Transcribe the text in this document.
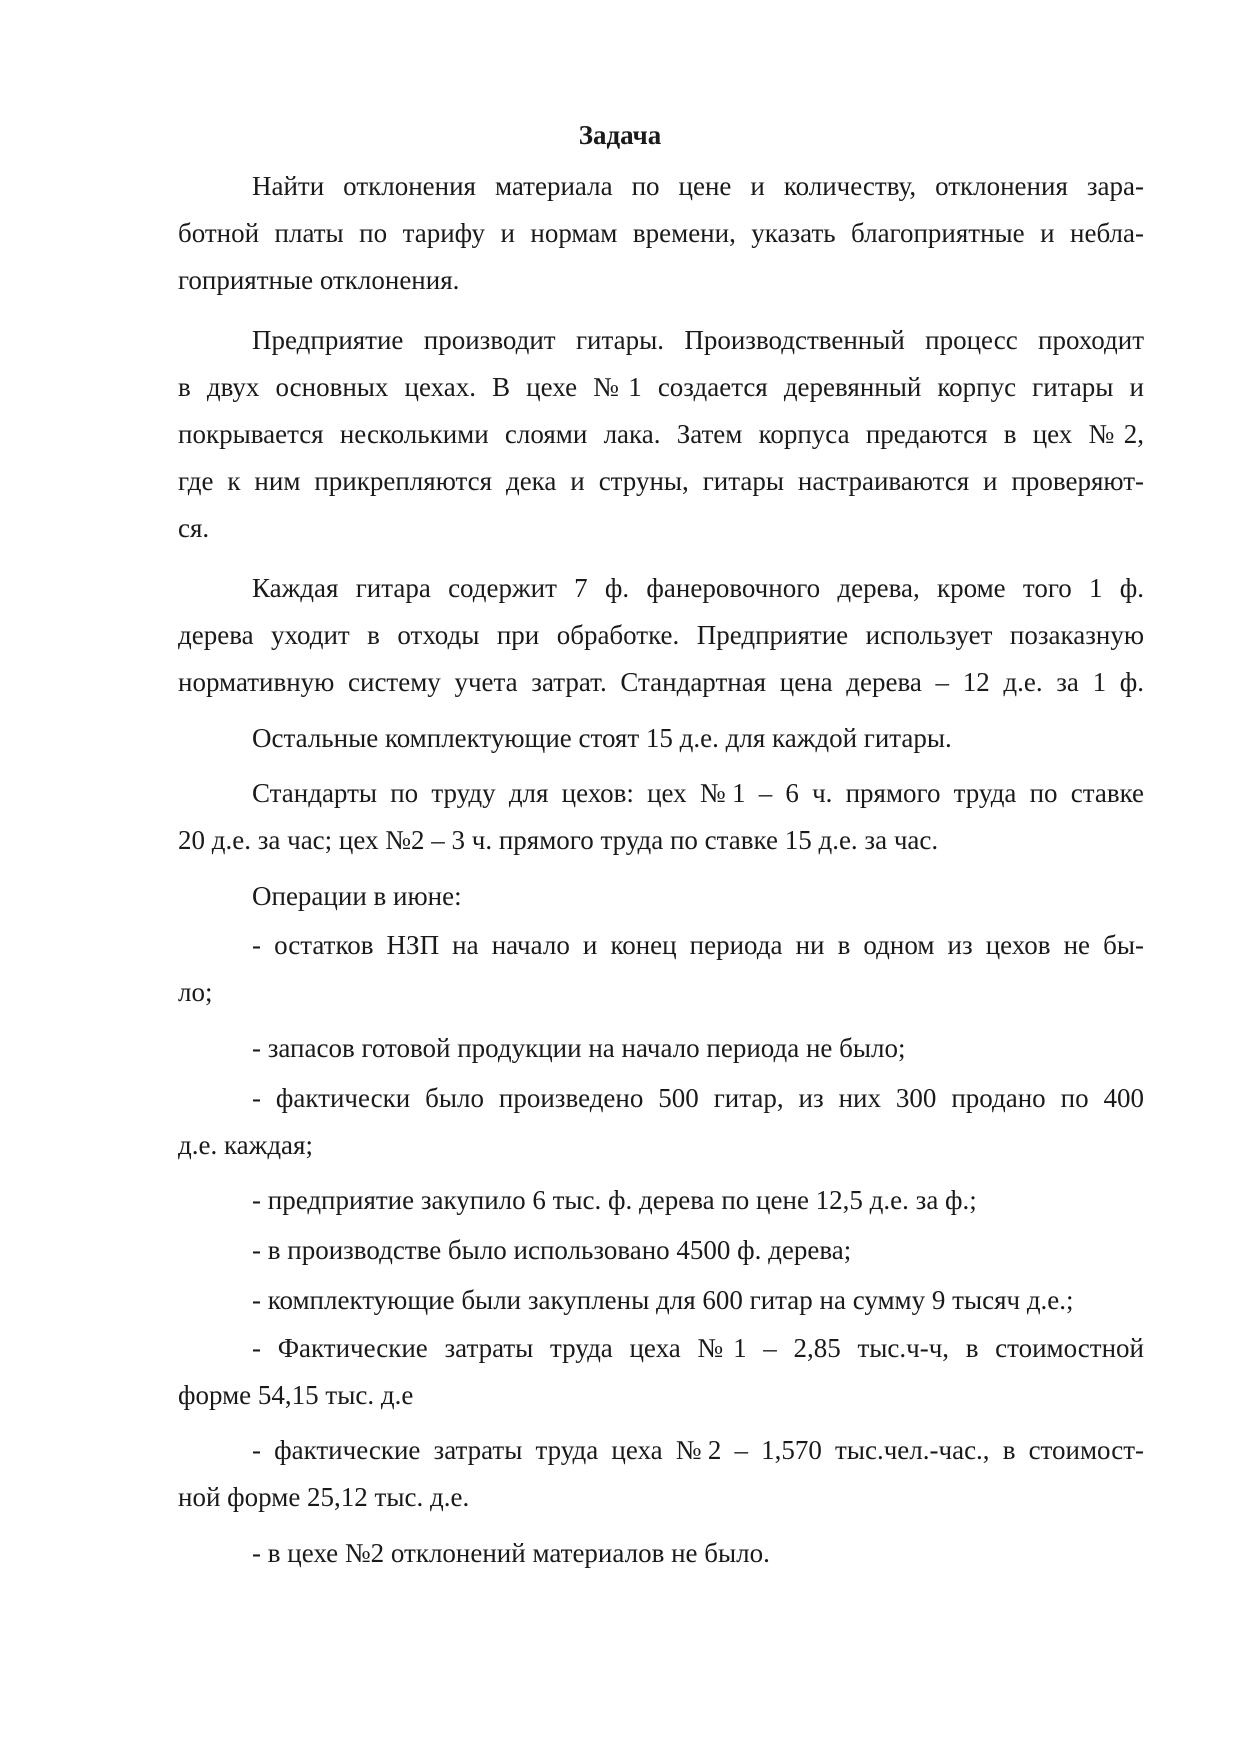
Задача
Найти отклонения материала по цене и количеству, отклонения зара-
ботной платы по тарифу и нормам времени, указать благоприятные и небла-
гоприятные отклонения.
Предприятие производит гитары. Производственный процесс проходит
в двух основных цехах. В цехе №1 создается деревянный корпус гитары и
покрывается несколькими слоями лака. Затем корпуса предаются в цех №2,
где к ним прикрепляются дека и струны, гитары настраиваются и проверяют-
ся.
Каждая гитара содержит 7 ф. фанеровочного дерева, кроме того 1 ф.
дерева уходит в отходы при обработке. Предприятие использует позаказную
нормативную систему учета затрат. Стандартная цена дерева – 12 д.е. за 1 ф.
Остальные комплектующие стоят 15 д.е. для каждой гитары.
Стандарты по труду для цехов: цех №1 – 6 ч. прямого труда по ставке
20 д.е. за час; цех №2 – 3 ч. прямого труда по ставке 15 д.е. за час.
Операции в июне:
- остатков НЗП на начало и конец периода ни в одном из цехов не бы-
ло;
- запасов готовой продукции на начало периода не было;
- фактически было произведено 500 гитар, из них 300 продано по 400
д.е. каждая;
- предприятие закупило 6 тыс. ф. дерева по цене 12,5 д.е. за ф.;
- в производстве было использовано 4500 ф. дерева;
- комплектующие были закуплены для 600 гитар на сумму 9 тысяч д.е.;
- Фактические затраты труда цеха №1 – 2,85 тыс.ч-ч, в стоимостной
форме 54,15 тыс. д.е
- фактические затраты труда цеха №2 – 1,570 тыс.чел.-час., в стоимост-
ной форме 25,12 тыс. д.е.
- в цехе №2 отклонений материалов не было.
